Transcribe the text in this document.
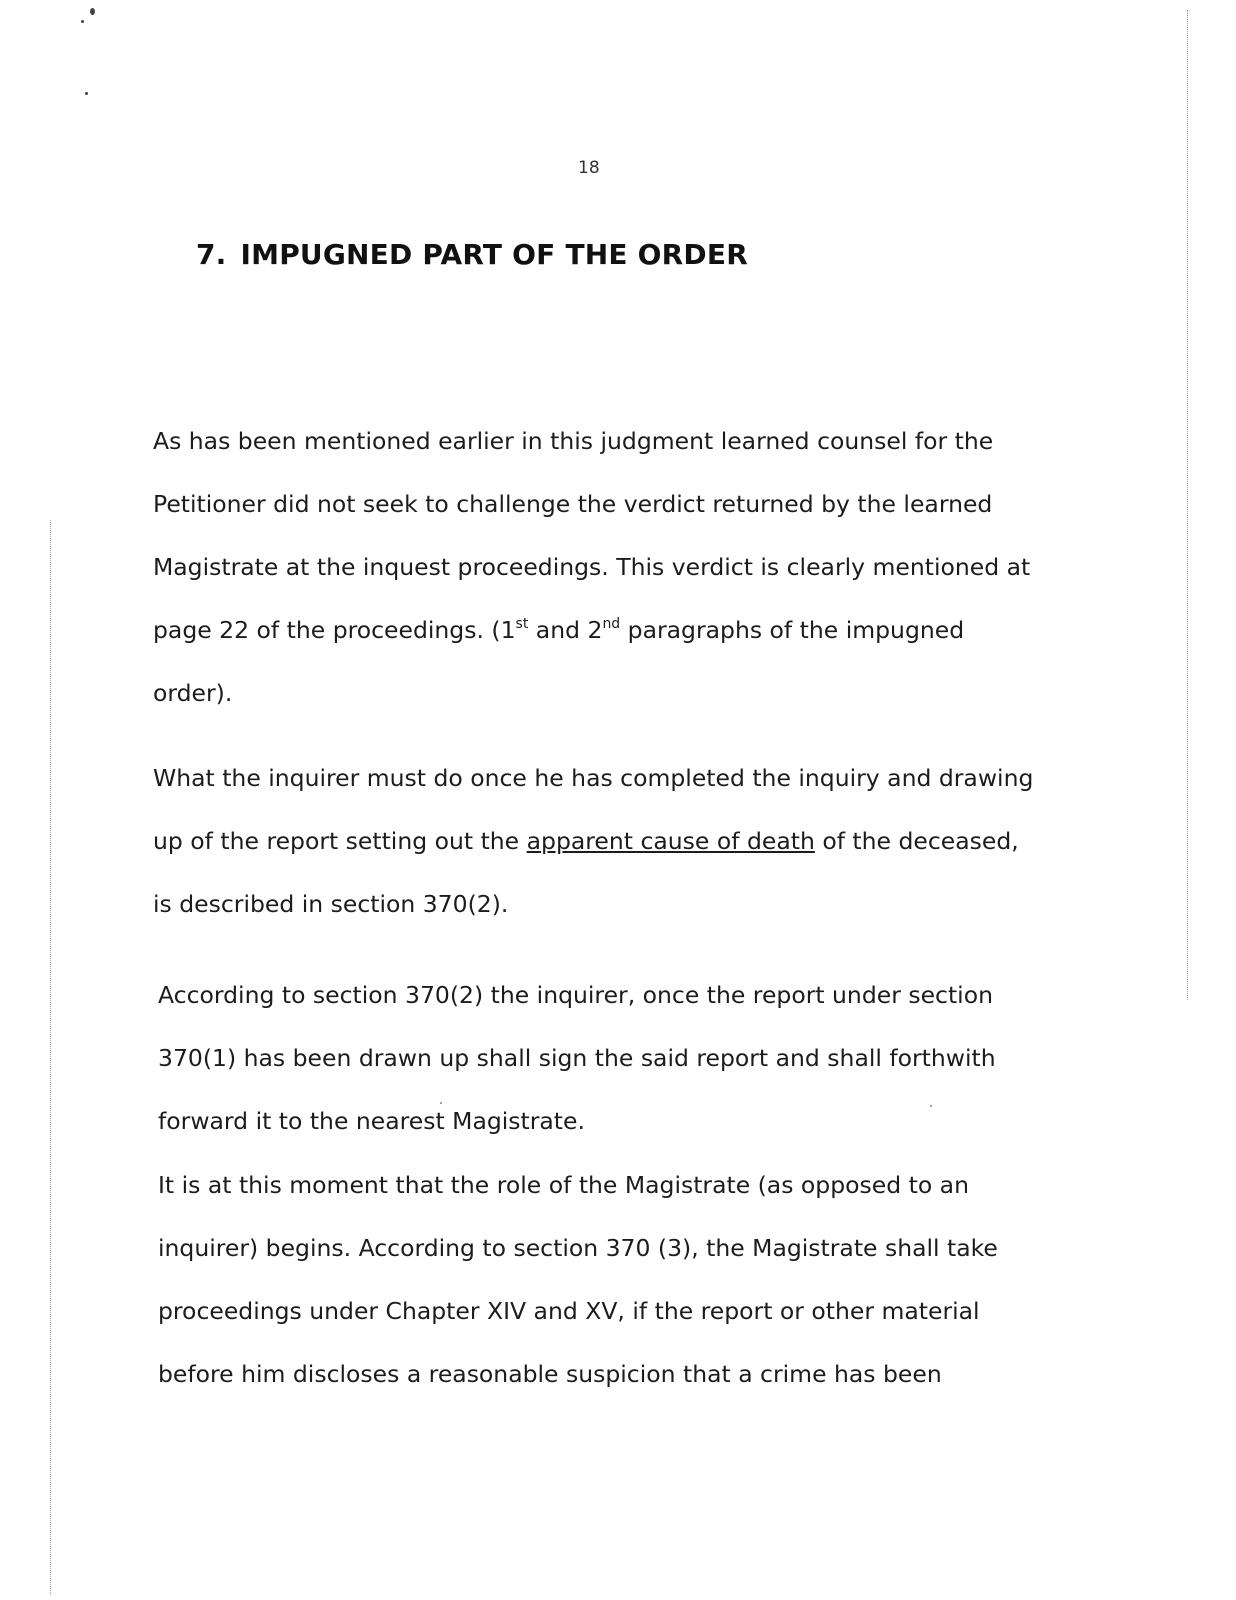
18
7. IMPUGNED PART OF THE ORDER
As has been mentioned earlier in this judgment learned counsel for the
Petitioner did not seek to challenge the verdict returned by the learned
Magistrate at the inquest proceedings. This verdict is clearly mentioned at
page 22 of the proceedings. (1st and 2nd paragraphs of the impugned
order).
What the inquirer must do once he has completed the inquiry and drawing
up of the report setting out the apparent cause of death of the deceased,
is described in section 370(2).
According to section 370(2) the inquirer, once the report under section
370(1) has been drawn up shall sign the said report and shall forthwith
forward it to the nearest Magistrate.
It is at this moment that the role of the Magistrate (as opposed to an
inquirer) begins. According to section 370 (3), the Magistrate shall take
proceedings under Chapter XIV and XV, if the report or other material
before him discloses a reasonable suspicion that a crime has been
